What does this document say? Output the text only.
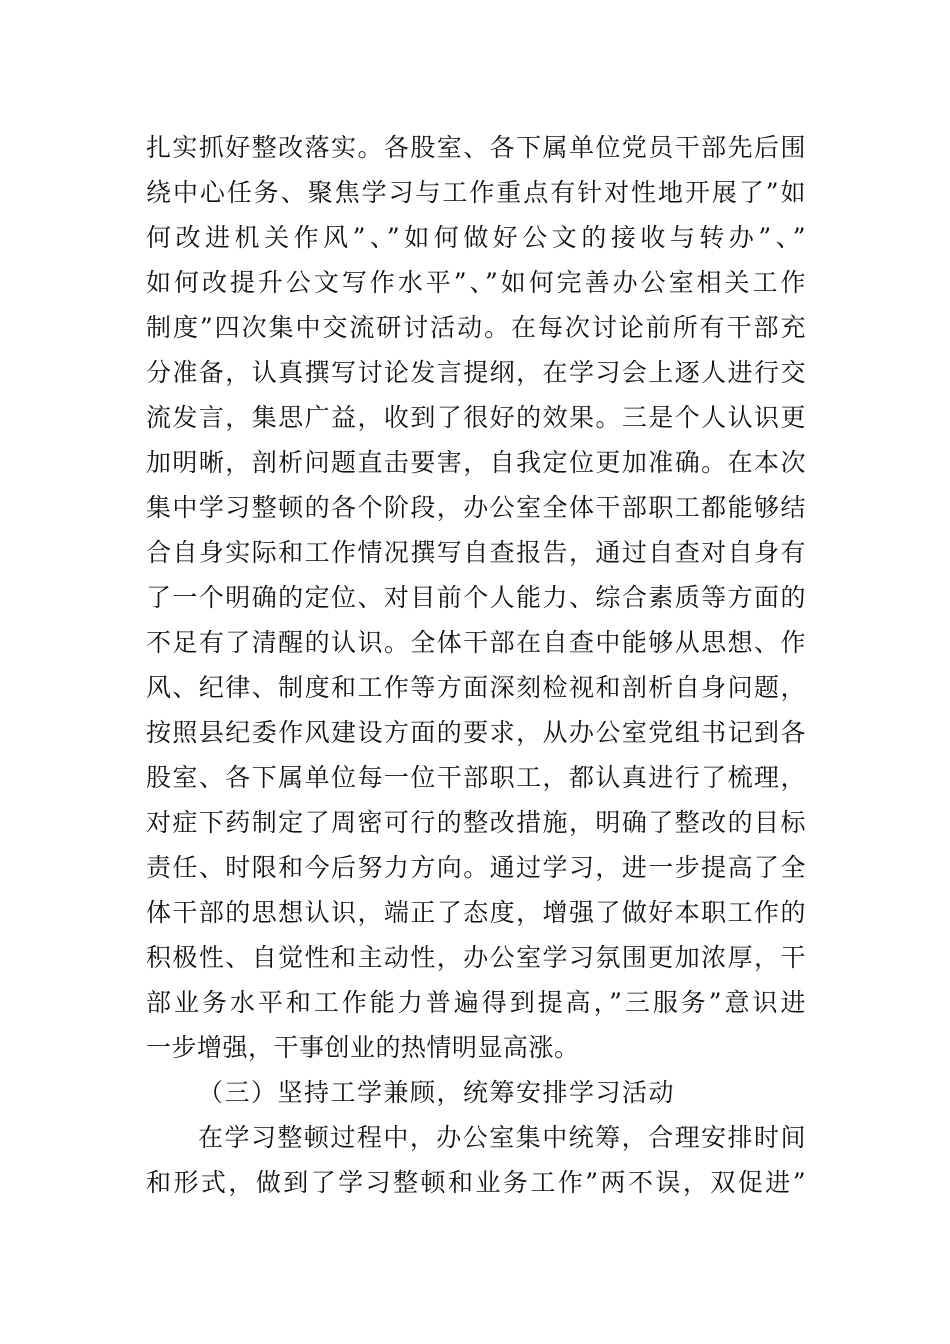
扎实抓好整改落实。各股室、各下属单位党员干部先后围
绕中心任务、聚焦学习与工作重点有针对性地开展了”如
何改进机关作风”、”如何做好公文的接收与转办”、”
如何改提升公文写作水平”、”如何完善办公室相关工作
制度”四次集中交流研讨活动。在每次讨论前所有干部充
分准备，认真撰写讨论发言提纲，在学习会上逐人进行交
流发言，集思广益，收到了很好的效果。三是个人认识更
加明晰，剖析问题直击要害，自我定位更加准确。在本次
集中学习整顿的各个阶段，办公室全体干部职工都能够结
合自身实际和工作情况撰写自查报告，通过自查对自身有
了一个明确的定位、对目前个人能力、综合素质等方面的
不足有了清醒的认识。全体干部在自查中能够从思想、作
风、纪律、制度和工作等方面深刻检视和剖析自身问题，
按照县纪委作风建设方面的要求，从办公室党组书记到各
股室、各下属单位每一位干部职工，都认真进行了梳理，
对症下药制定了周密可行的整改措施，明确了整改的目标
责任、时限和今后努力方向。通过学习，进一步提高了全
体干部的思想认识，端正了态度，增强了做好本职工作的
积极性、自觉性和主动性，办公室学习氛围更加浓厚，干
部业务水平和工作能力普遍得到提高，”三服务”意识进
一步增强，干事创业的热情明显高涨。
（三）坚持工学兼顾，统筹安排学习活动
在学习整顿过程中，办公室集中统筹，合理安排时间
和形式，做到了学习整顿和业务工作”两不误，双促进”
